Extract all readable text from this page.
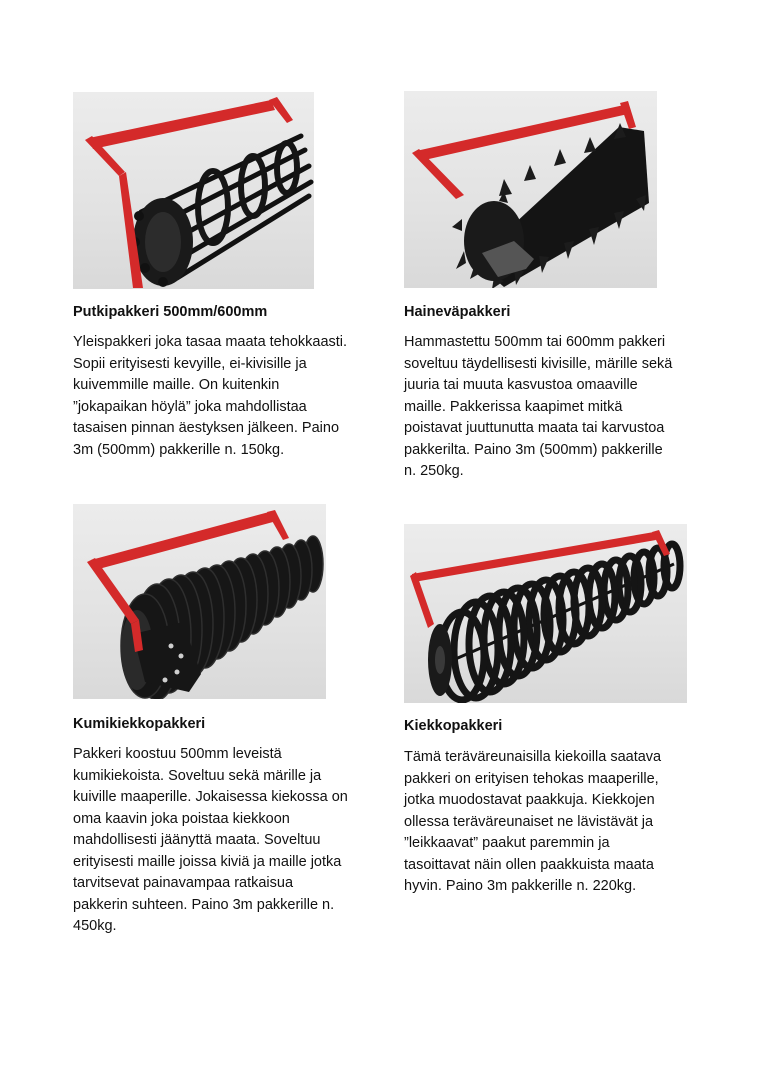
Putkipakkeri 500mm/600mm

Yleispakkeri joka tasaa maata tehokkaasti.

Sopii erityisesti kevyille, ei-kivisille ja

kuivemmille maille. On kuitenkin

”jokapaikan höylä” joka mahdollistaa

tasaisen pinnan äestyksen jälkeen. Paino

3m (500mm) pakkerille n. 150kg.

Haineväpakkeri

Hammastettu 500mm tai 600mm pakkeri

soveltuu täydellisesti kivisille, märille sekä

juuria tai muuta kasvustoa omaaville

maille. Pakkerissa kaapimet mitkä

poistavat juuttunutta maata tai karvustoa

pakkerilta. Paino 3m (500mm) pakkerille

n. 250kg.

Kumikiekkopakkeri

Pakkeri koostuu 500mm leveistä

kumikiekoista. Soveltuu sekä märille ja

kuiville maaperille. Jokaisessa kiekossa on

oma kaavin joka poistaa kiekkoon

mahdollisesti jäänyttä maata. Soveltuu

erityisesti maille joissa kiviä ja maille jotka

tarvitsevat painavampaa ratkaisua

pakkerin suhteen. Paino 3m pakkerille n.

450kg.

Kiekkopakkeri

Tämä teräväreunaisilla kiekoilla saatava

pakkeri on erityisen tehokas maaperille,

jotka muodostavat paakkuja. Kiekkojen

ollessa teräväreunaiset ne lävistävät ja

”leikkaavat” paakut paremmin ja

tasoittavat näin ollen paakkuista maata

hyvin. Paino 3m pakkerille n. 220kg.
